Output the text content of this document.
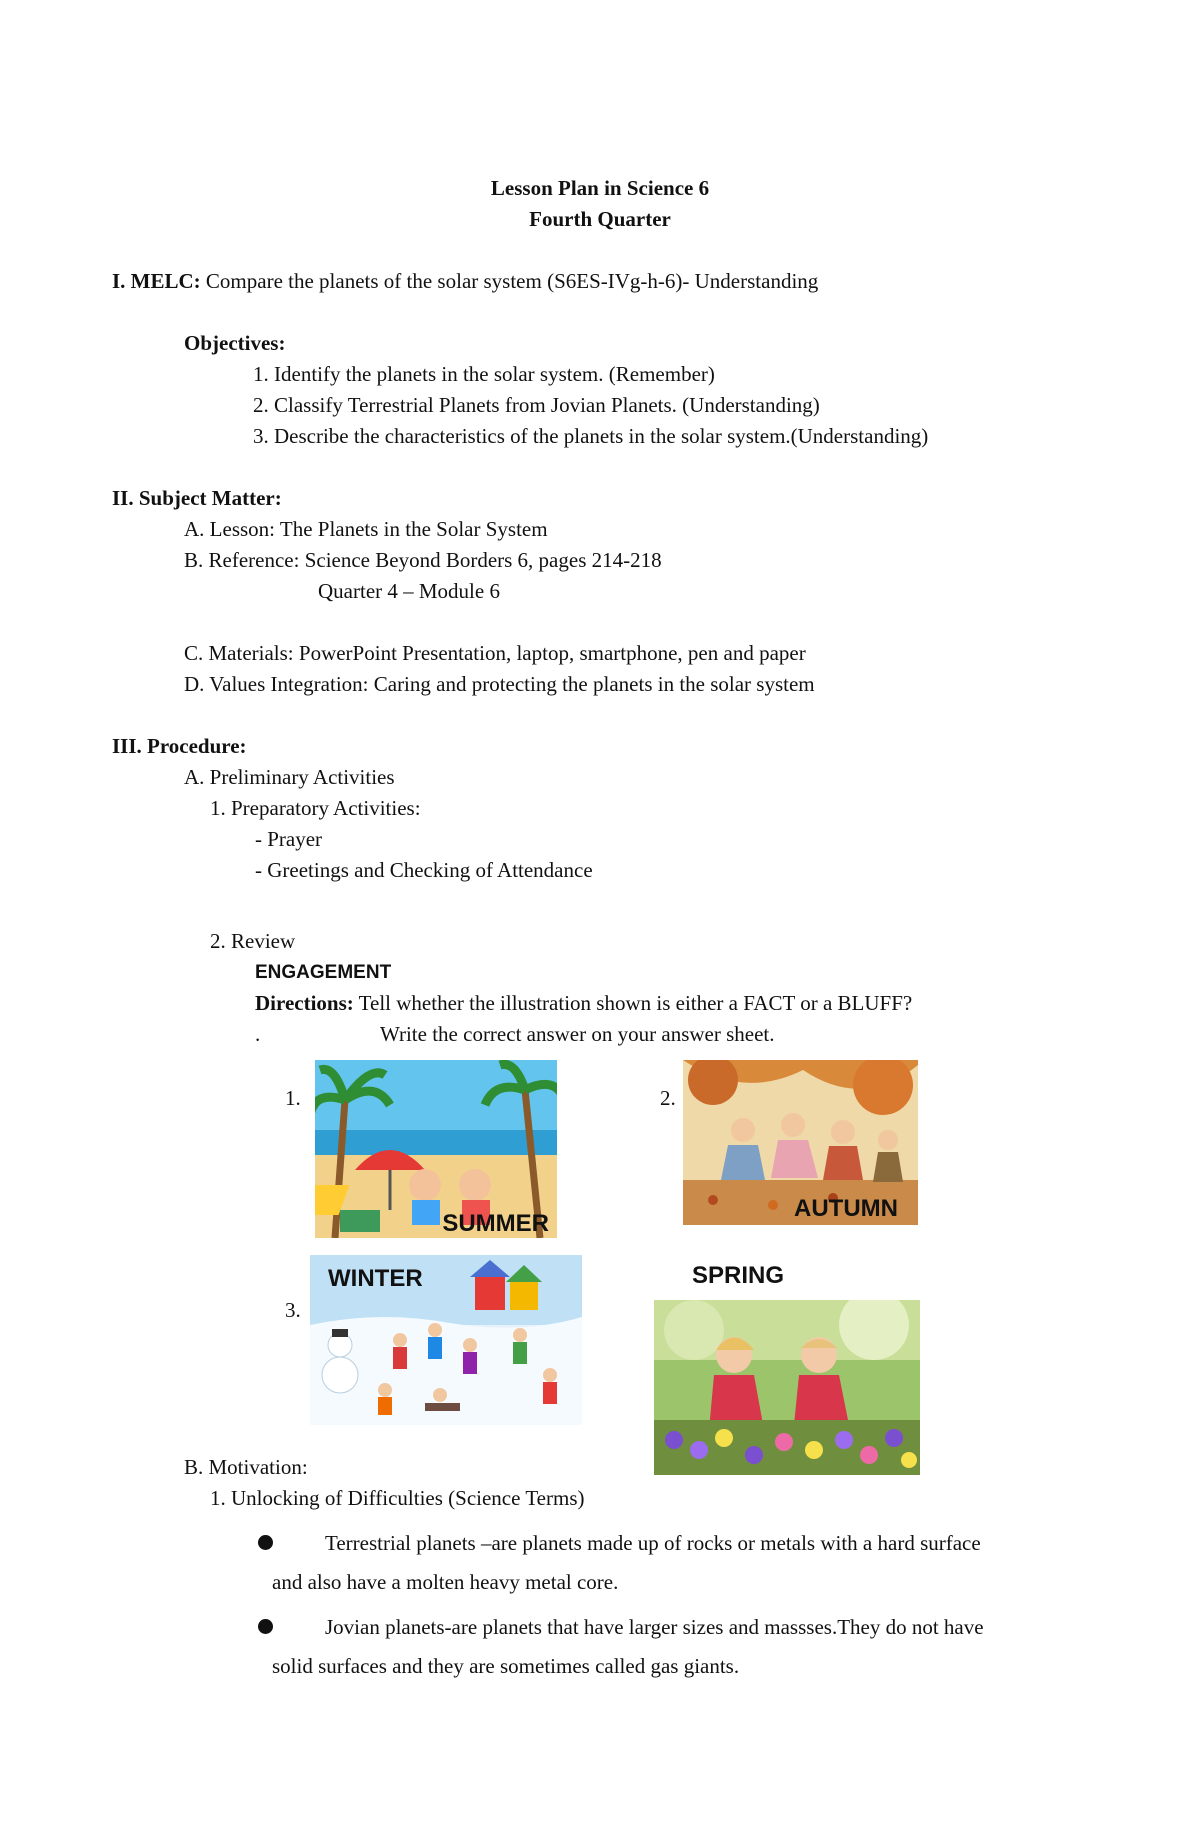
Lesson Plan in Science 6
Fourth Quarter
I. MELC: Compare the planets of the solar system (S6ES-IVg-h-6)- Understanding
Objectives:
1. Identify the planets in the solar system. (Remember)
2. Classify Terrestrial Planets from Jovian Planets. (Understanding)
3. Describe the characteristics of the planets in the solar system.(Understanding)
II. Subject Matter:
A. Lesson: The Planets in the Solar System
B. Reference: Science Beyond Borders 6, pages 214-218
Quarter 4 – Module 6
C. Materials: PowerPoint Presentation, laptop, smartphone, pen and paper
D. Values Integration: Caring and protecting the planets in the solar system
III. Procedure:
A. Preliminary Activities
1. Preparatory Activities:
- Prayer
- Greetings and Checking of Attendance
2. Review
ENGAGEMENT
Directions: Tell whether the illustration shown is either a FACT or a BLUFF?
.	Write the correct answer on your answer sheet.
1.
SUMMER
2.
AUTUMN
3.
WINTER	SPRING
B. Motivation:
1. Unlocking of Difficulties (Science Terms)
Terrestrial planets –are planets made up of rocks or metals with a hard surface
and also have a molten heavy metal core.
Jovian planets-are planets that have larger sizes and massses.They do not have
solid surfaces and they are sometimes called gas giants.
